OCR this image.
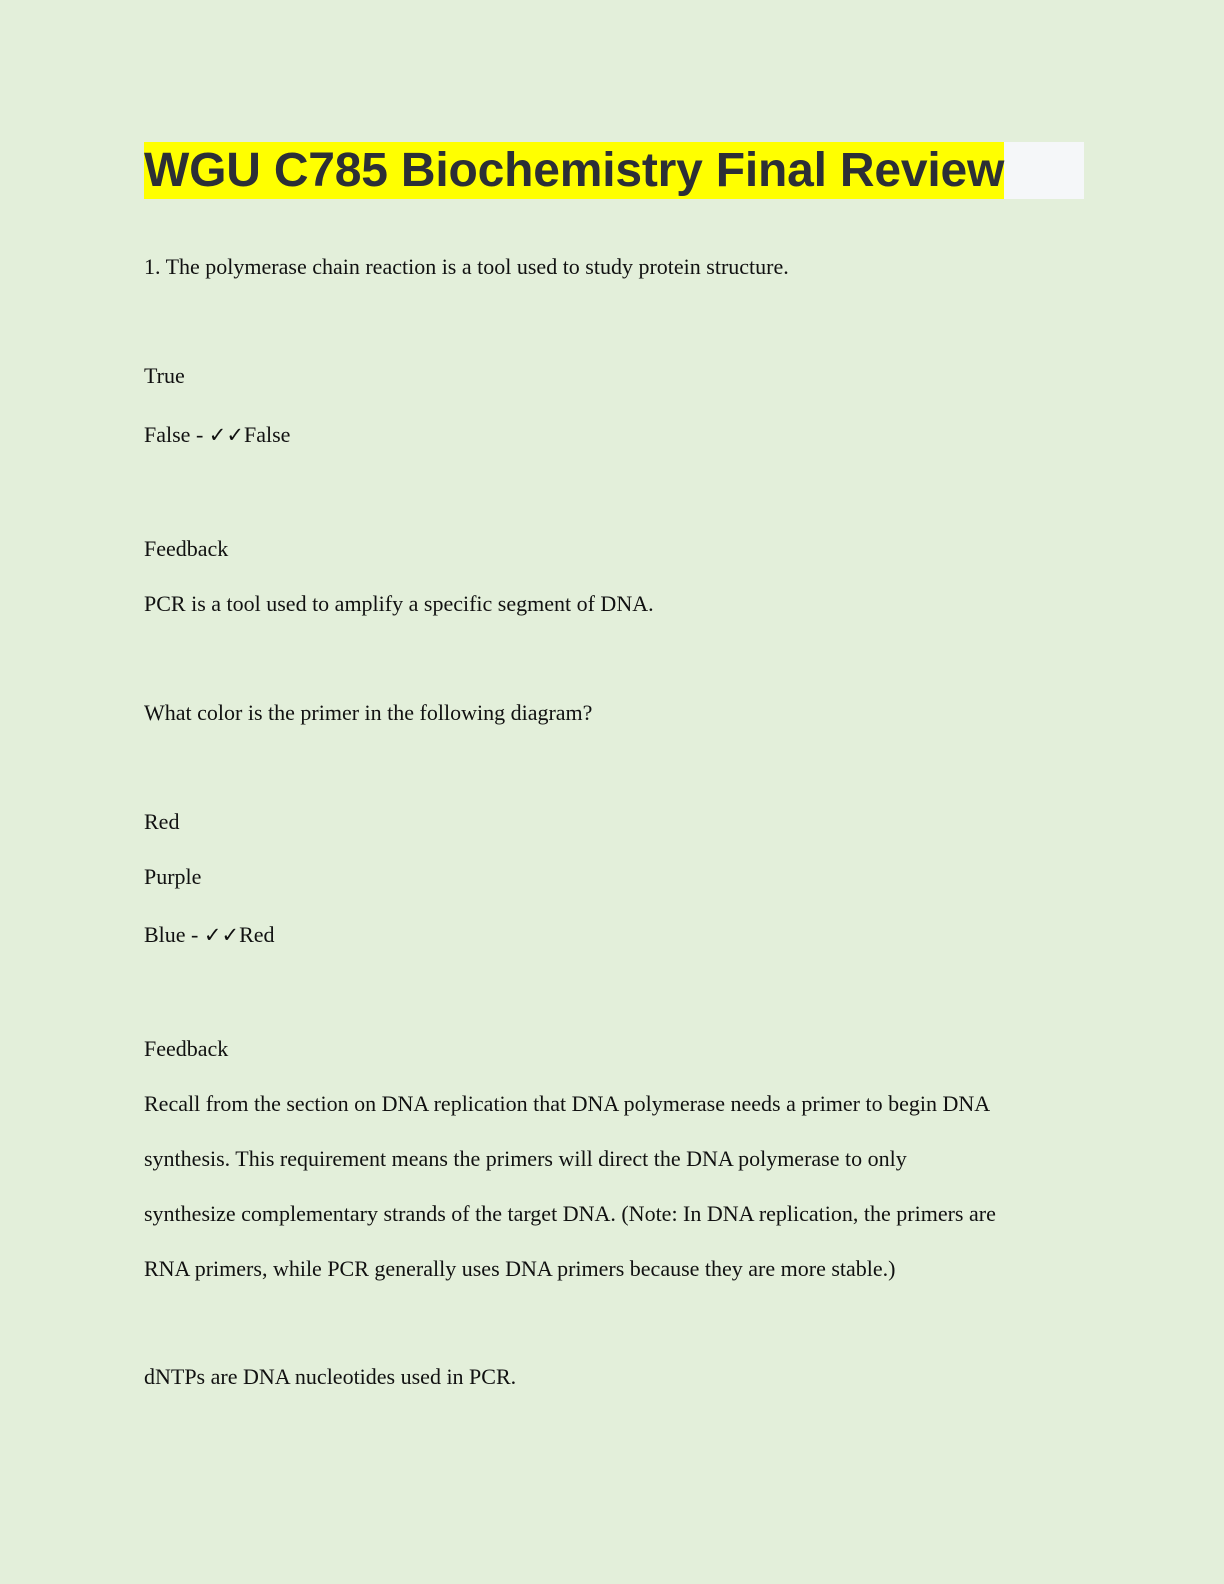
WGU C785 Biochemistry Final Review

1. The polymerase chain reaction is a tool used to study protein structure.

True

False - ✓✓False

Feedback

PCR is a tool used to amplify a specific segment of DNA.

What color is the primer in the following diagram?

Red

Purple

Blue - ✓✓Red

Feedback

Recall from the section on DNA replication that DNA polymerase needs a primer to begin DNA

synthesis. This requirement means the primers will direct the DNA polymerase to only

synthesize complementary strands of the target DNA. (Note: In DNA replication, the primers are

RNA primers, while PCR generally uses DNA primers because they are more stable.)

dNTPs are DNA nucleotides used in PCR.
